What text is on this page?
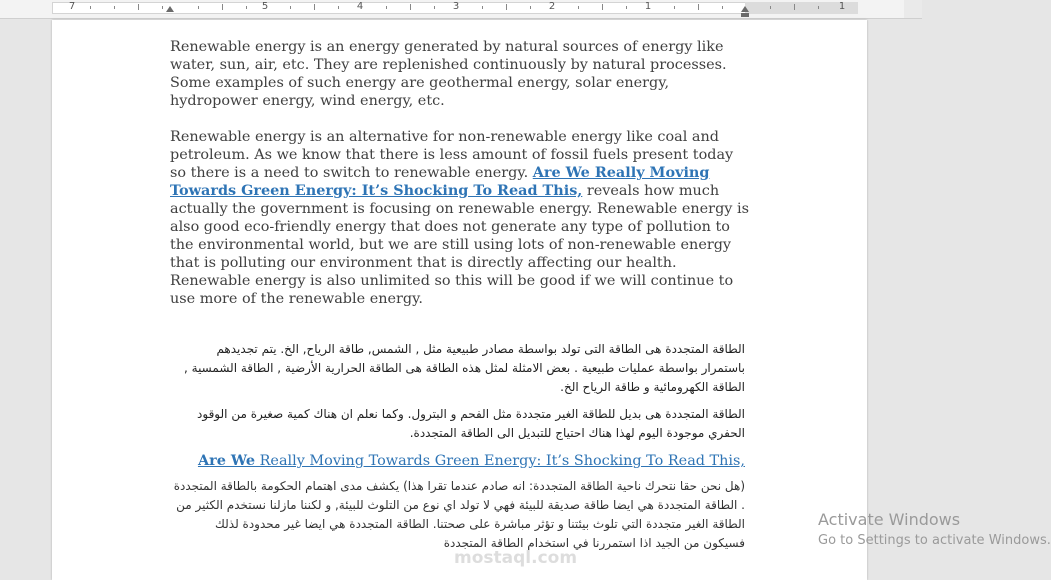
7	5	4	3	2	1	1

Renewable energy is an energy generated by natural sources of energy like water, sun, air, etc. They are replenished continuously by natural processes. Some examples of such energy are geothermal energy, solar energy, hydropower energy, wind energy, etc.

Renewable energy is an alternative for non-renewable energy like coal and petroleum. As we know that there is less amount of fossil fuels present today so there is a need to switch to renewable energy. Are We Really Moving Towards Green Energy: It’s Shocking To Read This, reveals how much actually the government is focusing on renewable energy. Renewable energy is also good eco-friendly energy that does not generate any type of pollution to the environmental world, but we are still using lots of non-renewable energy that is polluting our environment that is directly affecting our health. Renewable energy is also unlimited so this will be good if we will continue to use more of the renewable energy.

الطاقة المتجددة هى الطاقة التى تولد بواسطة مصادر طبيعية مثل , الشمس, طاقة الرياح, الخ. يتم تجديدهم باستمرار بواسطة عمليات طبيعية . بعض الامثلة لمثل هذه الطاقة هى الطاقة الحرارية الأرضية , الطاقة الشمسية , الطاقة الكهرومائية و طاقة الرياح الخ.

الطاقة المتجددة هى بديل للطاقة الغير متجددة مثل الفحم و البترول. وكما نعلم ان هناك كمية صغيرة من الوقود الحفري موجودة اليوم لهذا هناك احتياج للتبديل الى الطاقة المتجددة.

Are We Really Moving Towards Green Energy: It’s Shocking To Read This,

(هل نحن حقا نتحرك ناحية الطاقة المتجددة: انه صادم عندما تقرا هذا) يكشف مدى اهتمام الحكومة بالطاقة المتجددة . الطاقة المتجددة هي ايضا طاقة صديقة للبيئة فهي لا تولد اي نوع من التلوث للبيئة, و لكننا مازلنا نستخدم الكثير من الطاقة الغير متجددة التي تلوث بيئتنا و تؤثر مباشرة على صحتنا. الطاقة المتجددة هي ايضا غير محدودة لذلك فسيكون من الجيد اذا استمررنا في استخدام الطاقة المتجددة

mostaql.com
Activate Windows
Go to Settings to activate Windows.
